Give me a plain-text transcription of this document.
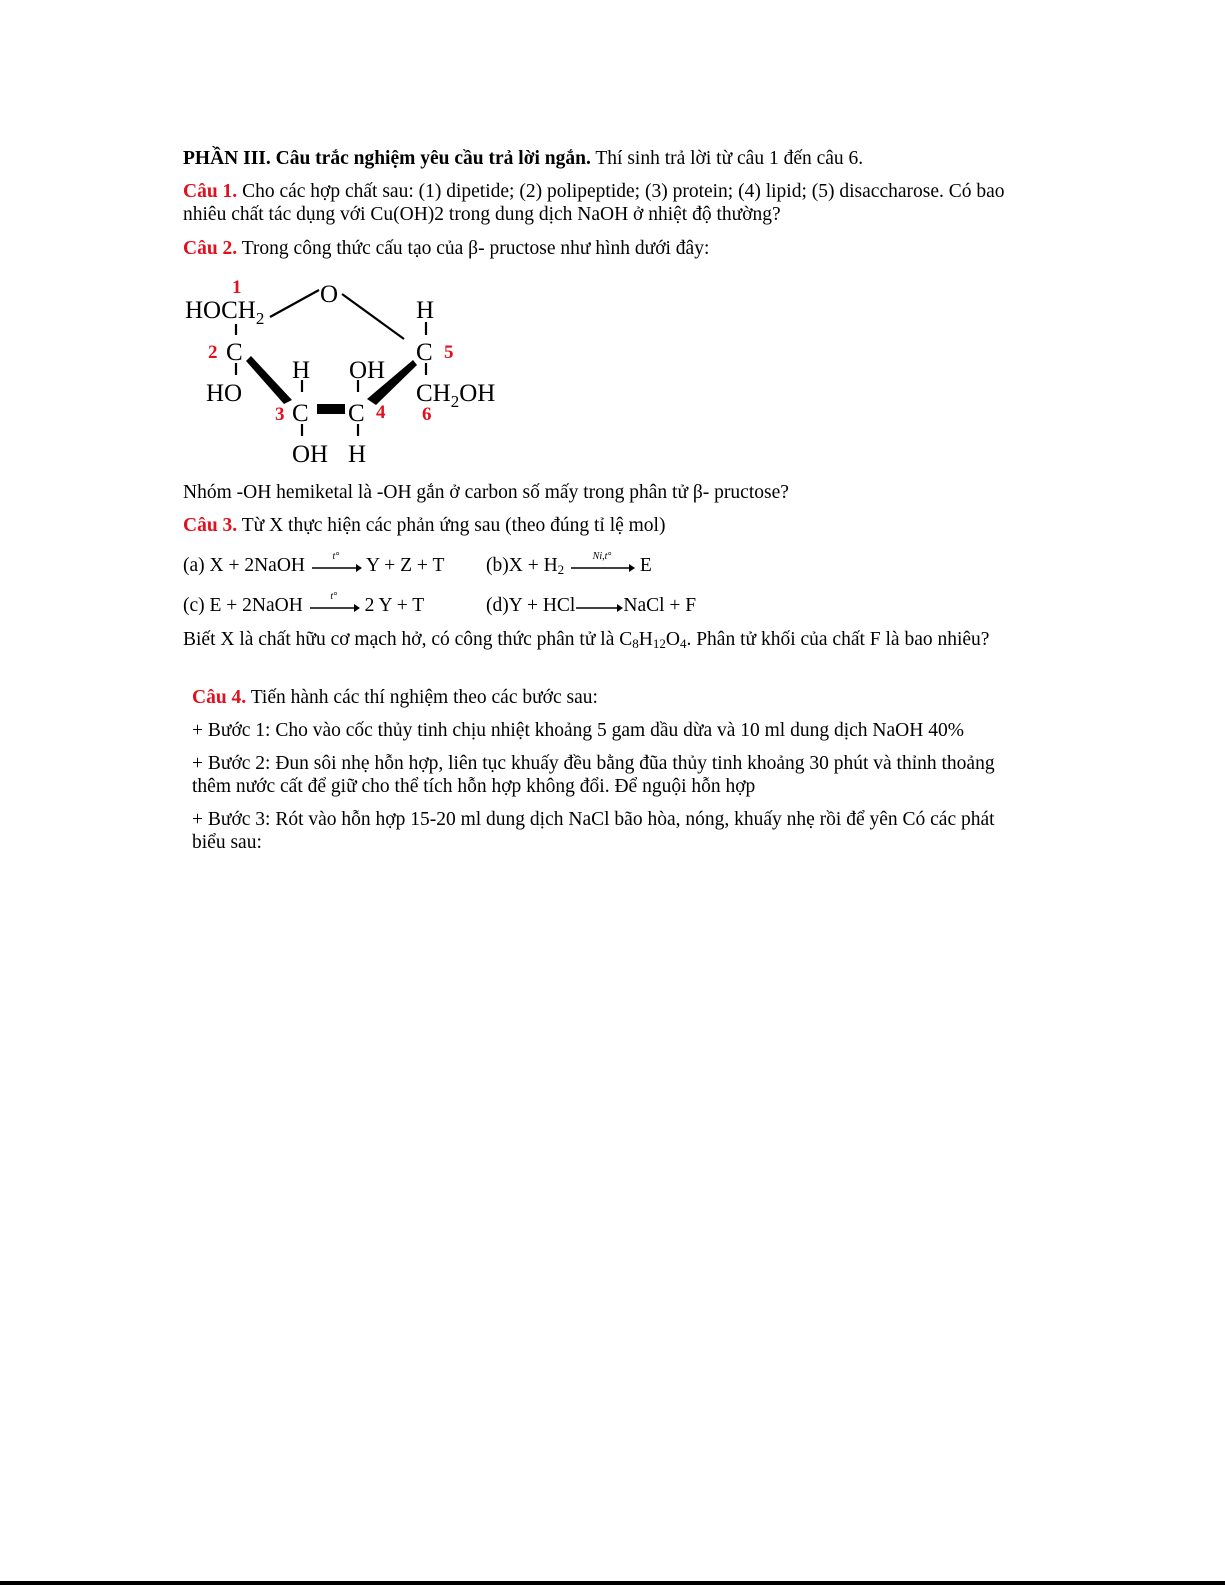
PHẦN III. Câu trắc nghiệm yêu cầu trả lời ngắn. Thí sinh trả lời từ câu 1 đến câu 6.
Câu 1. Cho các hợp chất sau: (1) dipetide; (2) polipeptide; (3) protein; (4) lipid; (5) disaccharose. Có bao
nhiêu chất tác dụng với Cu(OH)2 trong dung dịch NaOH ở nhiệt độ thường?
Câu 2. Trong công thức cấu tạo của β- pructose như hình dưới đây:
1
2
3	4
5
6
$HOCH_2$
O
H
C	C
HO
H OH
$CH_2OH$
C C
OH H
Nhóm -OH hemiketal là -OH gắn ở carbon số mấy trong phân tử β- pructose?
Câu 3. Từ X thực hiện các phản ứng sau (theo đúng tỉ lệ mol)
(a) X + 2NaOH	t°	Y + Z + T $(b)X + H_2$
Ni,t°	E
(c) E + 2NaOH	t°	2 Y + T	(d)Y + HCl NaCl + F
Biết X là chất hữu cơ mạch hở, có công thức phân tử là $C_8H_{12}O_4$. Phân tử khối của chất F là bao nhiêu?
Câu 4. Tiến hành các thí nghiệm theo các bước sau:
+ Bước 1: Cho vào cốc thủy tinh chịu nhiệt khoảng 5 gam dầu dừa và 10 ml dung dịch NaOH 40%
+ Bước 2: Đun sôi nhẹ hỗn hợp, liên tục khuấy đều bằng đũa thủy tinh khoảng 30 phút và thỉnh thoảng
thêm nước cất để giữ cho thể tích hỗn hợp không đổi. Để nguội hỗn hợp
+ Bước 3: Rót vào hỗn hợp 15-20 ml dung dịch NaCl bão hòa, nóng, khuấy nhẹ rồi để yên Có các phát
biểu sau:
